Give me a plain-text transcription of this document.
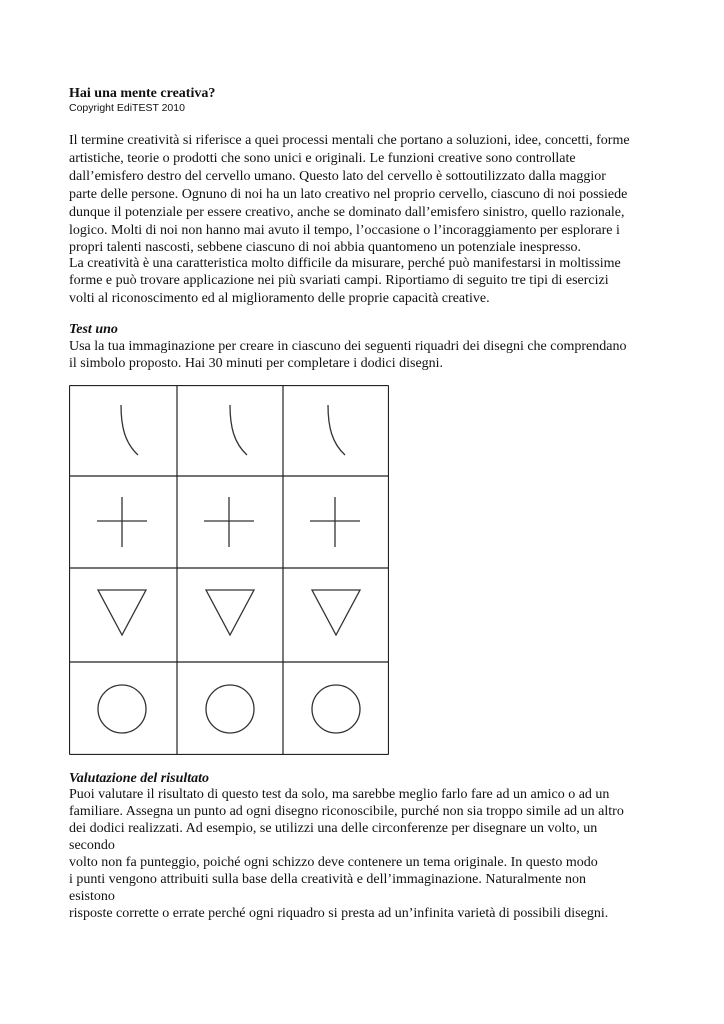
Hai una mente creativa?
Copyright EdiTEST 2010
Il termine creatività si riferisce a quei processi mentali che portano a soluzioni, idee, concetti, forme
artistiche, teorie o prodotti che sono unici e originali. Le funzioni creative sono controllate
dall’emisfero destro del cervello umano. Questo lato del cervello è sottoutilizzato dalla maggior
parte delle persone. Ognuno di noi ha un lato creativo nel proprio cervello, ciascuno di noi possiede
dunque il potenziale per essere creativo, anche se dominato dall’emisfero sinistro, quello razionale,
logico. Molti di noi non hanno mai avuto il tempo, l’occasione o l’incoraggiamento per esplorare i
propri talenti nascosti, sebbene ciascuno di noi abbia quantomeno un potenziale inespresso.
La creatività è una caratteristica molto difficile da misurare, perché può manifestarsi in moltissime
forme e può trovare applicazione nei più svariati campi. Riportiamo di seguito tre tipi di esercizi
volti al riconoscimento ed al miglioramento delle proprie capacità creative.
Test uno
Usa la tua immaginazione per creare in ciascuno dei seguenti riquadri dei disegni che comprendano
il simbolo proposto. Hai 30 minuti per completare i dodici disegni.
Valutazione del risultato
Puoi valutare il risultato di questo test da solo, ma sarebbe meglio farlo fare ad un amico o ad un
familiare. Assegna un punto ad ogni disegno riconoscibile, purché non sia troppo simile ad un altro
dei dodici realizzati. Ad esempio, se utilizzi una delle circonferenze per disegnare un volto, un
secondo
volto non fa punteggio, poiché ogni schizzo deve contenere un tema originale. In questo modo
i punti vengono attribuiti sulla base della creatività e dell’immaginazione. Naturalmente non
esistono
risposte corrette o errate perché ogni riquadro si presta ad un’infinita varietà di possibili disegni.
